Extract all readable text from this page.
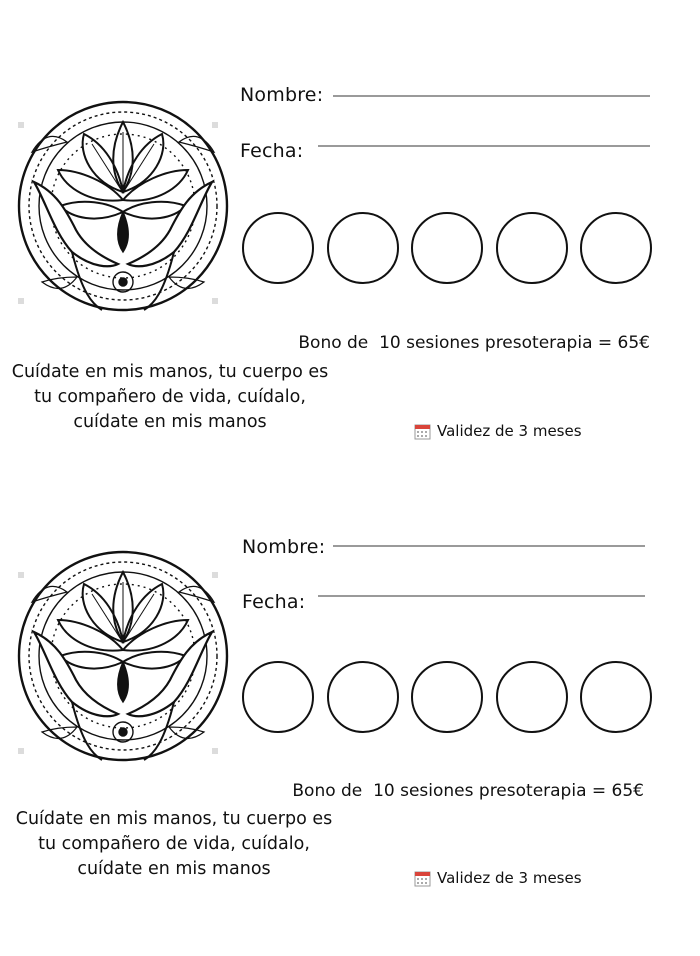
Nombre:
Fecha:
Bono de  10 sesiones presoterapia = 65€
Cuídate en mis manos, tu cuerpo es
tu compañero de vida, cuídalo,
cuídate en mis manos	Validez de 3 meses
Nombre:
Fecha:
Bono de  10 sesiones presoterapia = 65€
Cuídate en mis manos, tu cuerpo es
tu compañero de vida, cuídalo,
cuídate en mis manos	Validez de 3 meses
